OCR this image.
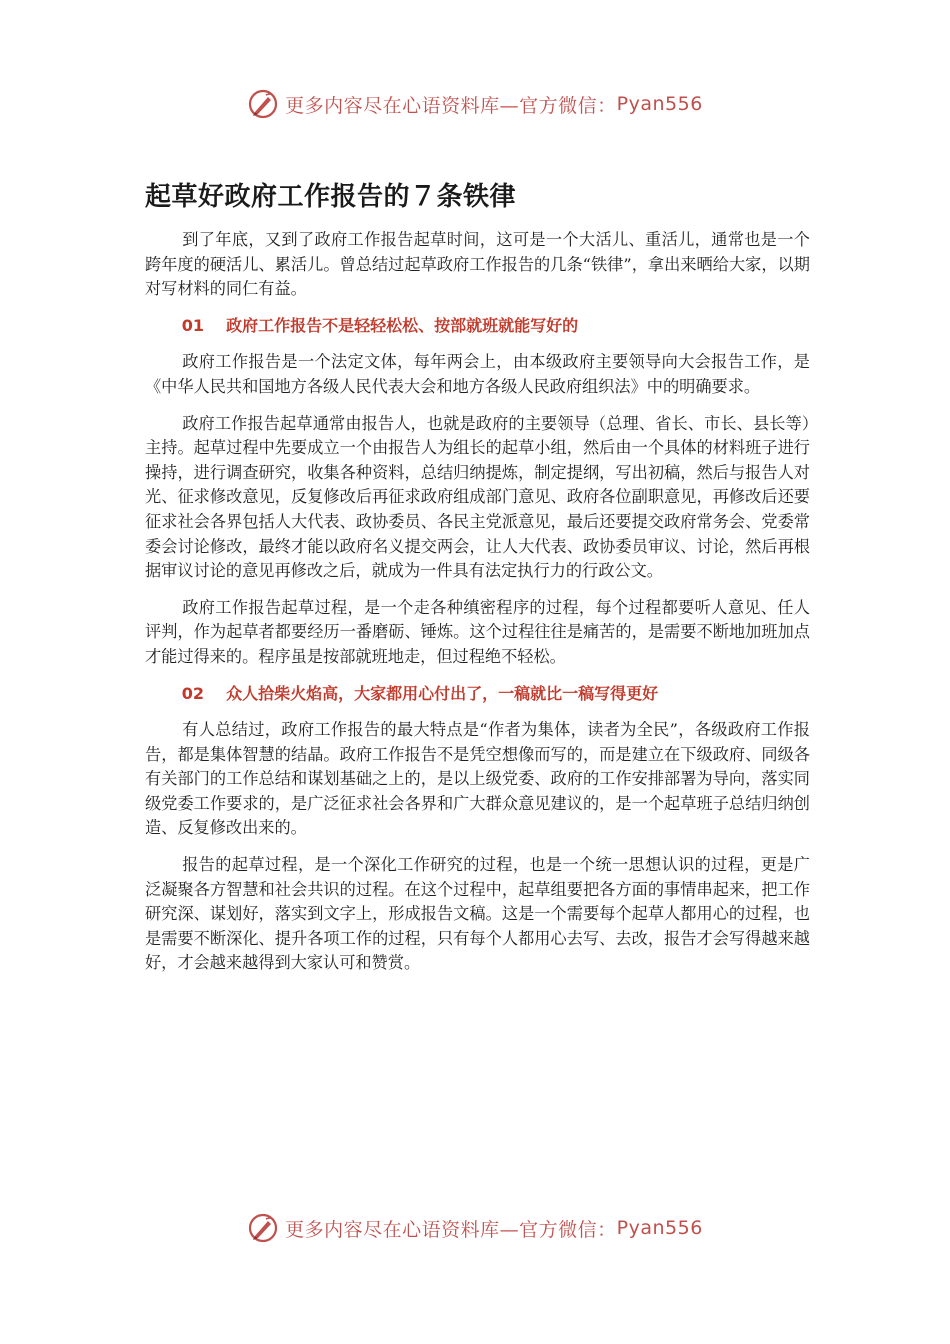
更多内容尽在心语资料库—官方微信： Pyan556
起草好政府工作报告的７条铁律

到了年底，又到了政府工作报告起草时间，这可是一个大活儿、重活儿，通常也是一个跨年度的硬活儿、累活儿。曾总结过起草政府工作报告的几条“铁律”，拿出来晒给大家，以期对写材料的同仁有益。

01 政府工作报告不是轻轻松松、按部就班就能写好的

政府工作报告是一个法定文体，每年两会上，由本级政府主要领导向大会报告工作，是《中华人民共和国地方各级人民代表大会和地方各级人民政府组织法》中的明确要求。

政府工作报告起草通常由报告人，也就是政府的主要领导（总理、省长、市长、县长等）主持。起草过程中先要成立一个由报告人为组长的起草小组，然后由一个具体的材料班子进行操持，进行调查研究，收集各种资料，总结归纳提炼，制定提纲，写出初稿，然后与报告人对光、征求修改意见，反复修改后再征求政府组成部门意见、政府各位副职意见，再修改后还要征求社会各界包括人大代表、政协委员、各民主党派意见，最后还要提交政府常务会、党委常委会讨论修改，最终才能以政府名义提交两会，让人大代表、政协委员审议、讨论，然后再根据审议讨论的意见再修改之后，就成为一件具有法定执行力的行政公文。

政府工作报告起草过程，是一个走各种缜密程序的过程，每个过程都要听人意见、任人评判，作为起草者都要经历一番磨砺、锤炼。这个过程往往是痛苦的，是需要不断地加班加点才能过得来的。程序虽是按部就班地走，但过程绝不轻松。

02 众人拾柴火焰高，大家都用心付出了，一稿就比一稿写得更好

有人总结过，政府工作报告的最大特点是“作者为集体，读者为全民”，各级政府工作报告，都是集体智慧的结晶。政府工作报告不是凭空想像而写的，而是建立在下级政府、同级各有关部门的工作总结和谋划基础之上的，是以上级党委、政府的工作安排部署为导向，落实同级党委工作要求的，是广泛征求社会各界和广大群众意见建议的，是一个起草班子总结归纳创造、反复修改出来的。

报告的起草过程，是一个深化工作研究的过程，也是一个统一思想认识的过程，更是广泛凝聚各方智慧和社会共识的过程。在这个过程中，起草组要把各方面的事情串起来，把工作研究深、谋划好，落实到文字上，形成报告文稿。这是一个需要每个起草人都用心的过程，也是需要不断深化、提升各项工作的过程，只有每个人都用心去写、去改，报告才会写得越来越好，才会越来越得到大家认可和赞赏。

更多内容尽在心语资料库—官方微信： Pyan556
